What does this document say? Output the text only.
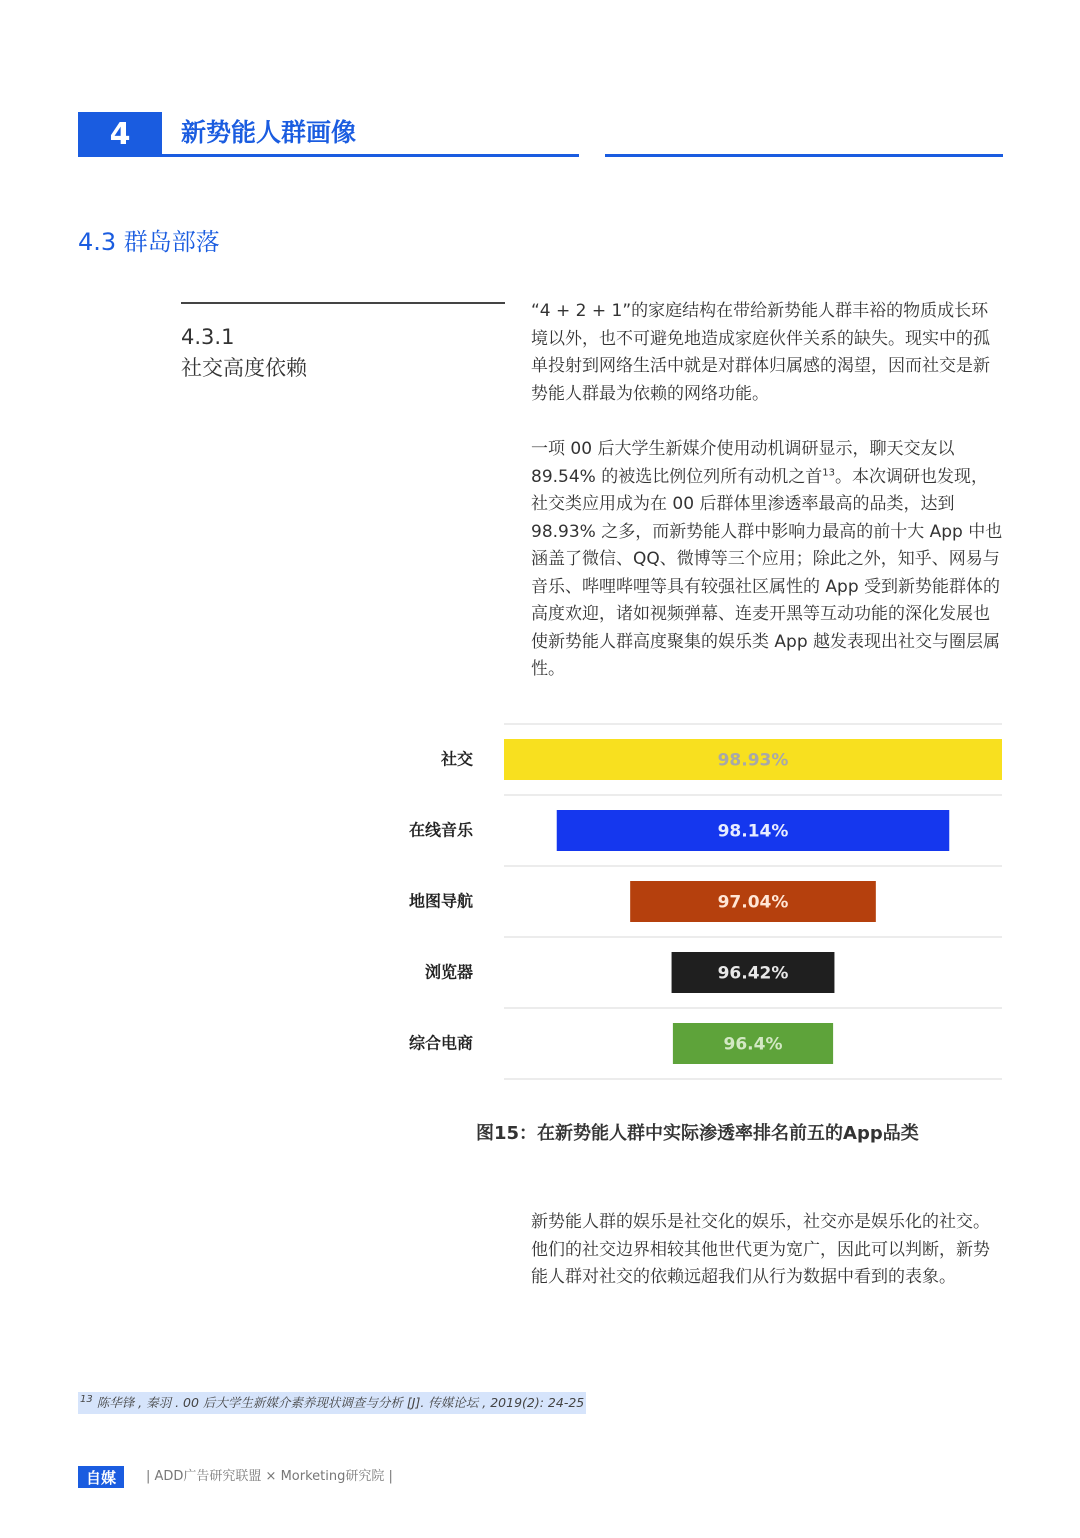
4	新势能人群画像
4.3 群岛部落
4.3.1
社交高度依赖

“4 + 2 + 1”的家庭结构在带给新势能人群丰裕的物质成长环境以外，也不可避免地造成家庭伙伴关系的缺失。现实中的孤单投射到网络生活中就是对群体归属感的渴望，因而社交是新势能人群最为依赖的网络功能。

一项 00 后大学生新媒介使用动机调研显示，聊天交友以 89.54% 的被选比例位列所有动机之首$^{13}$。本次调研也发现，社交类应用成为在 00 后群体里渗透率最高的品类，达到 98.93% 之多，而新势能人群中影响力最高的前十大 App 中也涵盖了微信、QQ、微博等三个应用；除此之外，知乎、网易与音乐、哔哩哔哩等具有较强社区属性的 App 受到新势能群体的高度欢迎，诸如视频弹幕、连麦开黑等互动功能的深化发展也使新势能人群高度聚集的娱乐类 App 越发表现出社交与圈层属性。

98.93%
社交
98.14%
在线音乐
97.04%
地图导航
96.42%
浏览器
96.4%
综合电商
图15：在新势能人群中实际渗透率排名前五的App品类

新势能人群的娱乐是社交化的娱乐，社交亦是娱乐化的社交。他们的社交边界相较其他世代更为宽广，因此可以判断，新势能人群对社交的依赖远超我们从行为数据中看到的表象。

$^{13}$ 陈华锋 , 秦羽 . 00 后大学生新媒介素养现状调查与分析 [J]. 传媒论坛 , 2019(2): 24-25
自媒	| ADD广告研究联盟 × Morketing研究院 |
